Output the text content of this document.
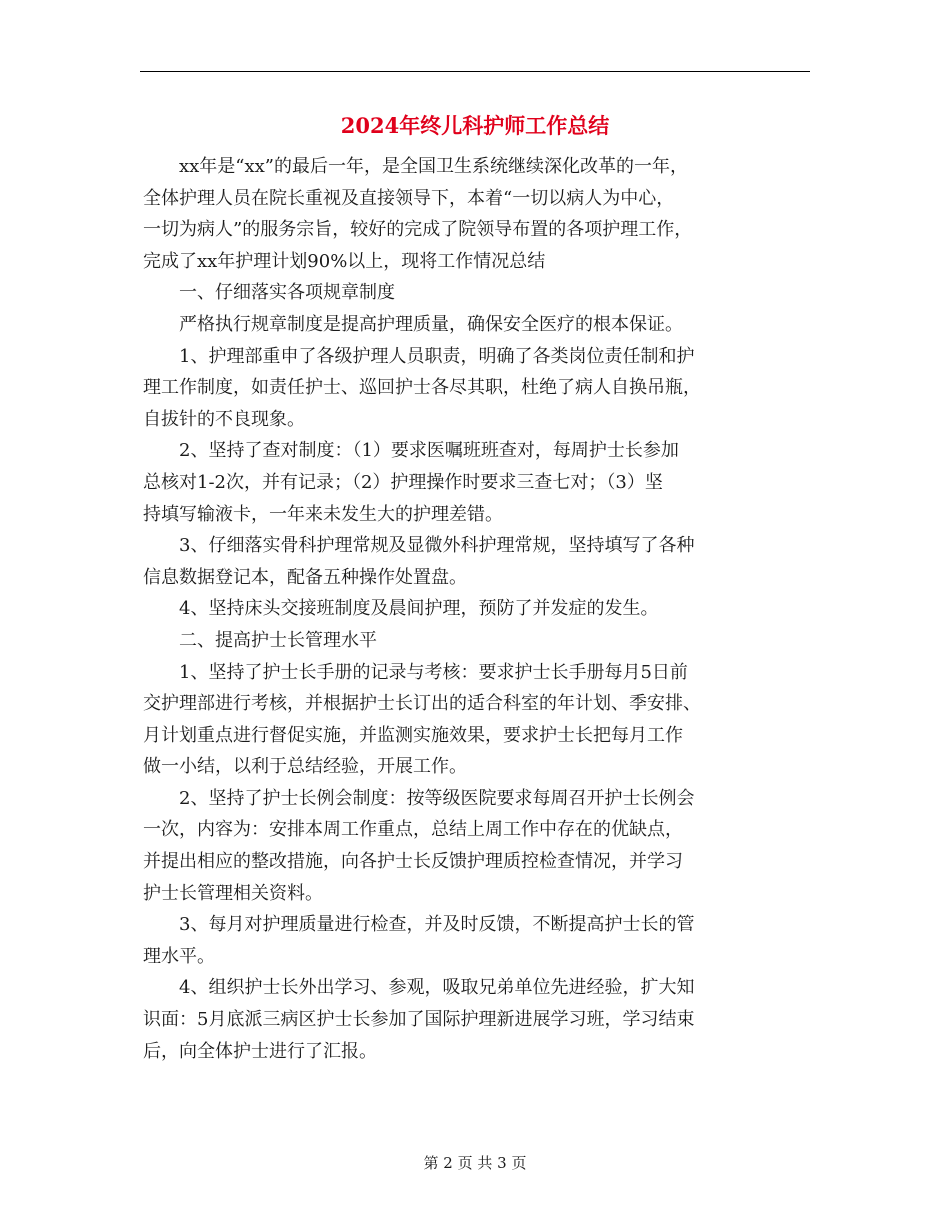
2024年终儿科护师工作总结

xx年是“xx”的最后一年，是全国卫生系统继续深化改革的一年，
全体护理人员在院长重视及直接领导下，本着“一切以病人为中心，
一切为病人”的服务宗旨，较好的完成了院领导布置的各项护理工作，
完成了xx年护理计划90%以上，现将工作情况总结

一、仔细落实各项规章制度

严格执行规章制度是提高护理质量，确保安全医疗的根本保证。

1、护理部重申了各级护理人员职责，明确了各类岗位责任制和护
理工作制度，如责任护士、巡回护士各尽其职，杜绝了病人自换吊瓶，
自拔针的不良现象。

2、坚持了查对制度：（1）要求医嘱班班查对，每周护士长参加
总核对1-2次，并有记录；（2）护理操作时要求三查七对；（3）坚
持填写输液卡，一年来未发生大的护理差错。

3、仔细落实骨科护理常规及显微外科护理常规，坚持填写了各种
信息数据登记本，配备五种操作处置盘。

4、坚持床头交接班制度及晨间护理，预防了并发症的发生。

二、提高护士长管理水平

1、坚持了护士长手册的记录与考核：要求护士长手册每月5日前
交护理部进行考核，并根据护士长订出的适合科室的年计划、季安排、
月计划重点进行督促实施，并监测实施效果，要求护士长把每月工作
做一小结，以利于总结经验，开展工作。

2、坚持了护士长例会制度：按等级医院要求每周召开护士长例会
一次，内容为：安排本周工作重点，总结上周工作中存在的优缺点，
并提出相应的整改措施，向各护士长反馈护理质控检查情况，并学习
护士长管理相关资料。

3、每月对护理质量进行检查，并及时反馈，不断提高护士长的管
理水平。

4、组织护士长外出学习、参观，吸取兄弟单位先进经验，扩大知
识面：5月底派三病区护士长参加了国际护理新进展学习班，学习结束
后，向全体护士进行了汇报。

第 2 页 共 3 页
